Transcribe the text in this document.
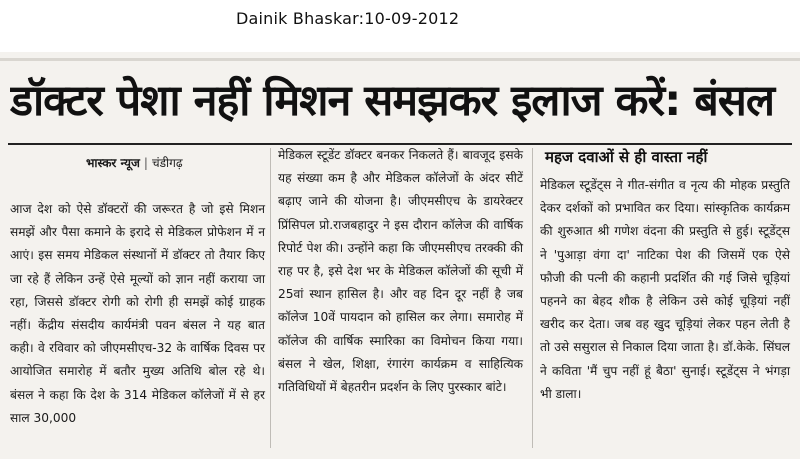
Dainik Bhaskar:10-09-2012
डॉक्टर पेशा नहीं मिशन समझकर इलाज करें: बंसल
भास्कर न्यूज | चंडीगढ़

आज देश को ऐसे डॉक्टरों की जरूरत है जो इसे मिशन समझें और पैसा कमाने के इरादे से मेडिकल प्रोफेशन में न आएं। इस समय मेडिकल संस्थानों में डॉक्टर तो तैयार किए जा रहे हैं लेकिन उन्हें ऐसे मूल्यों को ज्ञान नहीं कराया जा रहा, जिससे डॉक्टर रोगी को रोगी ही समझें कोई ग्राहक नहीं। केंद्रीय संसदीय कार्यमंत्री पवन बंसल ने यह बात कही। वे रविवार को जीएमसीएच-32 के वार्षिक दिवस पर आयोजित समारोह में बतौर मुख्य अतिथि बोल रहे थे। बंसल ने कहा कि देश के 314 मेडिकल कॉलेजों में से हर साल 30,000

मेडिकल स्टूडेंट डॉक्टर बनकर निकलते हैं। बावजूद इसके यह संख्या कम है और मेडिकल कॉलेजों के अंदर सीटें बढ़ाए जाने की योजना है। जीएमसीएच के डायरेक्टर प्रिंसिपल प्रो.राजबहादुर ने इस दौरान कॉलेज की वार्षिक रिपोर्ट पेश की। उन्होंने कहा कि जीएमसीएच तरक्की की राह पर है, इसे देश भर के मेडिकल कॉलेजों की सूची में 25वां स्थान हासिल है। और वह दिन दूर नहीं है जब कॉलेज 10वें पायदान को हासिल कर लेगा। समारोह में कॉलेज की वार्षिक स्मारिका का विमोचन किया गया। बंसल ने खेल, शिक्षा, रंगारंग कार्यक्रम व साहित्यिक गतिविधियों में बेहतरीन प्रदर्शन के लिए पुरस्कार बांटे।

महज दवाओं से ही वास्ता नहीं

मेडिकल स्टूडेंट्स ने गीत-संगीत व नृत्य की मोहक प्रस्तुति देकर दर्शकों को प्रभावित कर दिया। सांस्कृतिक कार्यक्रम की शुरुआत श्री गणेश वंदना की प्रस्तुति से हुई। स्टूडेंट्स ने 'पुआड़ा वंगा दा' नाटिका पेश की जिसमें एक ऐसे फौजी की पत्नी की कहानी प्रदर्शित की गई जिसे चूड़ियां पहनने का बेहद शौक है लेकिन उसे कोई चूड़ियां नहीं खरीद कर देता। जब वह खुद चूड़ियां लेकर पहन लेती है तो उसे ससुराल से निकाल दिया जाता है। डॉ.केके. सिंघल ने कविता 'मैं चुप नहीं हूं बैठा' सुनाई। स्टूडेंट्स ने भंगड़ा भी डाला।
